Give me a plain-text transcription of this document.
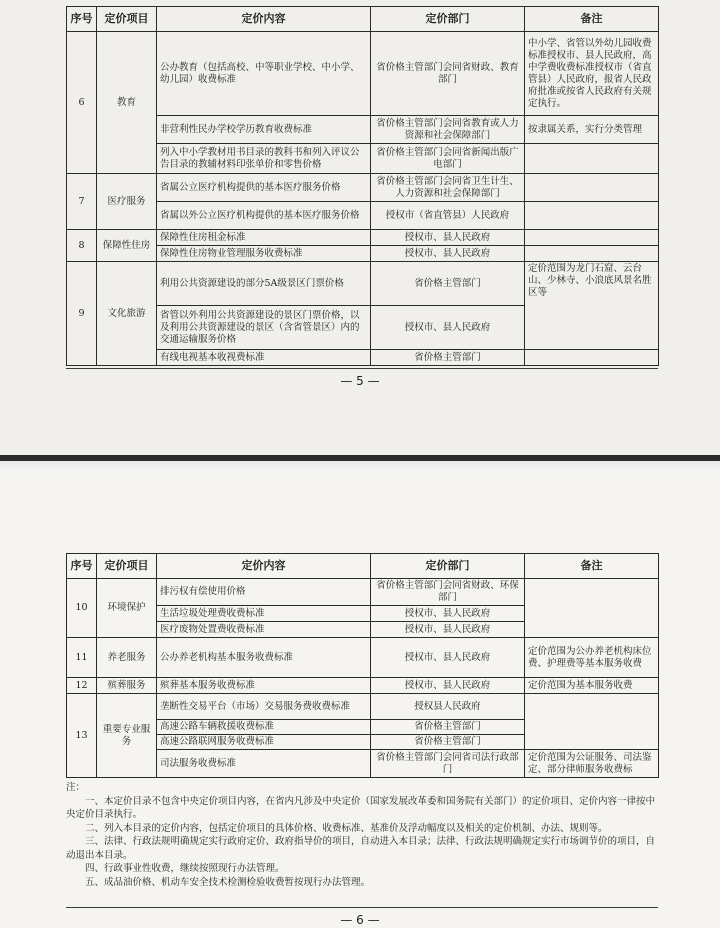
序号	定价项目	定价内容	定价部门	备注
6	教育	公办教育（包括高校、中等职业学校、中小学、幼儿园）收费标准	省价格主管部门会同省财政、教育部门	中小学、省管以外幼儿园收费标准授权市、县人民政府，高中学费收费标准授权市（省直管县）人民政府，报省人民政府批准或按省人民政府有关规定执行。
		非营利性民办学校学历教育收费标准	省价格主管部门会同省教育或人力资源和社会保障部门	按隶属关系，实行分类管理
		列入中小学教材用书目录的教科书和列入评议公告目录的教辅材料印张单价和零售价格	省价格主管部门会同省新闻出版广电部门	
7	医疗服务	省属公立医疗机构提供的基本医疗服务价格	省价格主管部门会同省卫生计生、人力资源和社会保障部门	
		省属以外公立医疗机构提供的基本医疗服务价格	授权市（省直管县）人民政府	
8	保障性住房	保障性住房租金标准	授权市、县人民政府	
		保障性住房物业管理服务收费标准	授权市、县人民政府	
9	文化旅游	利用公共资源建设的部分5A级景区门票价格	省价格主管部门	定价范围为龙门石窟、云台山、少林寺、小浪底风景名胜区等
		省管以外利用公共资源建设的景区门票价格，以及利用公共资源建设的景区（含省管景区）内的交通运输服务价格	授权市、县人民政府	
		有线电视基本收视费标准	省价格主管部门	
— 5 —
序号	定价项目	定价内容	定价部门	备注
10	环境保护	排污权有偿使用价格	省价格主管部门会同省财政、环保部门	
		生活垃圾处理费收费标准	授权市、县人民政府	
		医疗废物处置费收费标准	授权市、县人民政府	
11	养老服务	公办养老机构基本服务收费标准	授权市、县人民政府	定价范围为公办养老机构床位费、护理费等基本服务收费
12	殡葬服务	殡葬基本服务收费标准	授权市、县人民政府	定价范围为基本服务收费
13	重要专业服务	垄断性交易平台（市场）交易服务费收费标准	授权县人民政府	
		高速公路车辆救援收费标准	省价格主管部门	
		高速公路联网服务收费标准	省价格主管部门	
		司法服务收费标准	省价格主管部门会同省司法行政部门	定价范围为公证服务、司法鉴定、部分律师服务收费标

注：

一、本定价目录不包含中央定价项目内容，在省内凡涉及中央定价（国家发展改革委和国务院有关部门）的定价项目、定价内容一律按中央定价目录执行。

二、列入本目录的定价内容，包括定价项目的具体价格、收费标准、基准价及浮动幅度以及相关的定价机制、办法、规则等。

三、法律、行政法规明确规定实行政府定价、政府指导价的项目，自动进入本目录；法律、行政法规明确规定实行市场调节价的项目，自动退出本目录。

四、行政事业性收费，继续按照现行办法管理。

五、成品油价格、机动车安全技术检测检验收费暂按现行办法管理。

— 6 —
